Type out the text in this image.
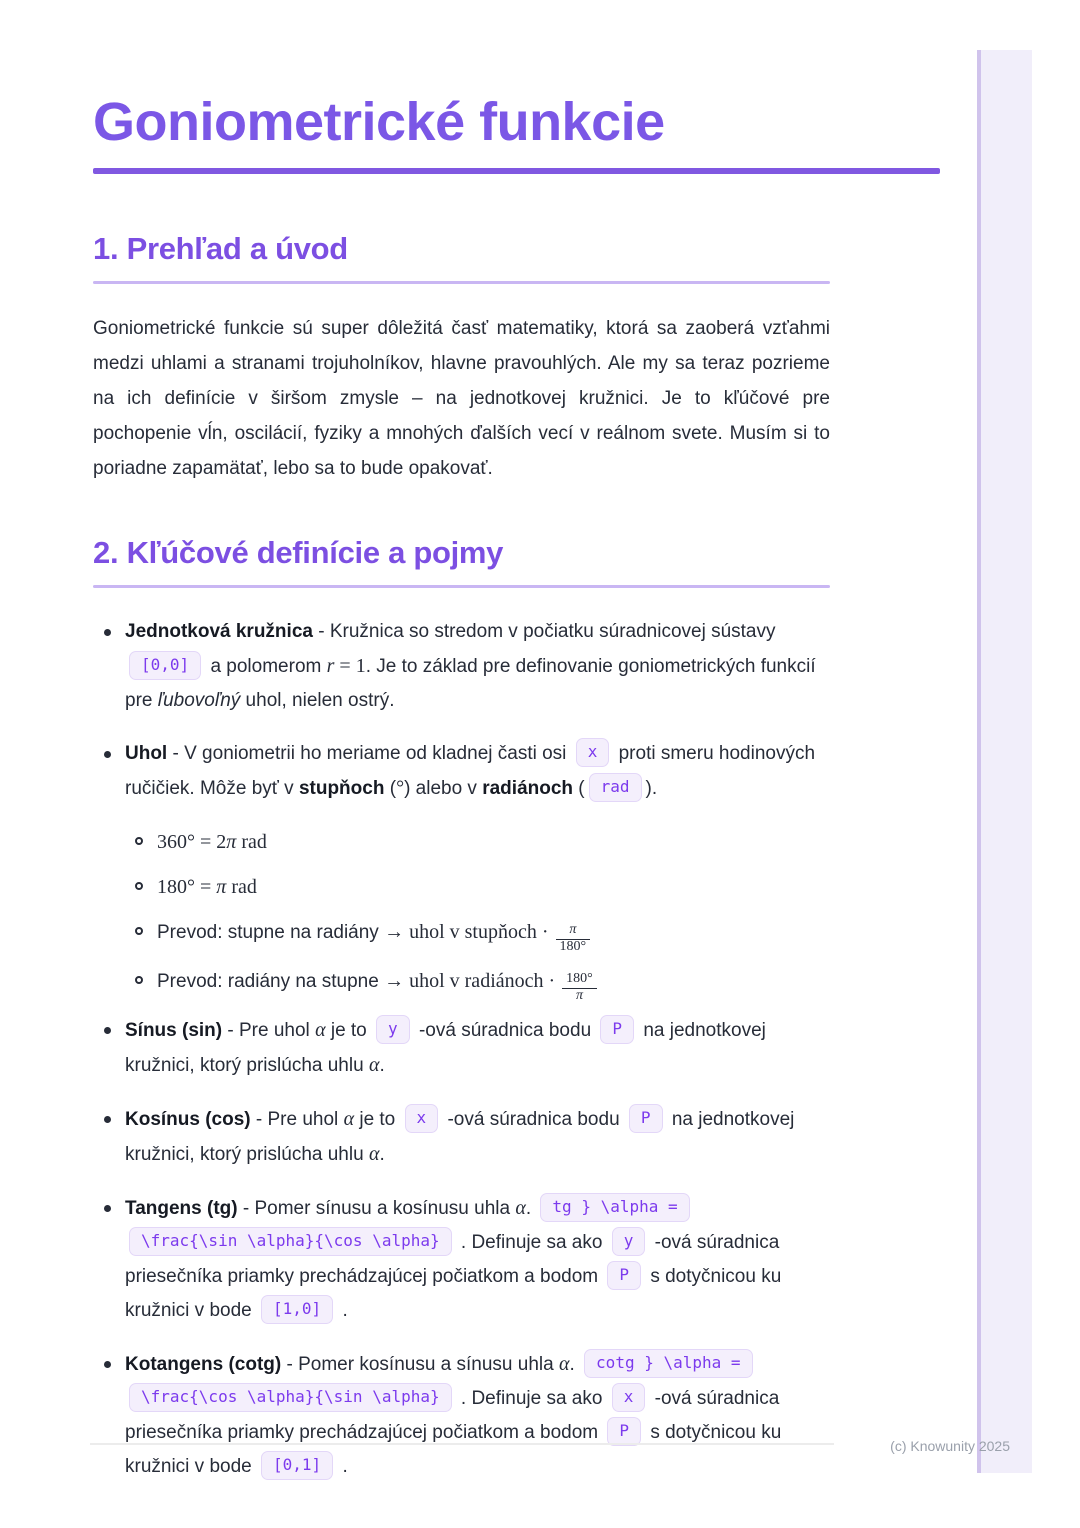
Goniometrické funkcie
1. Prehľad a úvod

Goniometrické funkcie sú super dôležitá časť matematiky, ktorá sa zaoberá vzťahmi medzi uhlami a stranami trojuholníkov, hlavne pravouhlých. Ale my sa teraz pozrieme na ich definície v širšom zmysle – na jednotkovej kružnici. Je to kľúčové pre pochopenie vĺn, oscilácií, fyziky a mnohých ďalších vecí v reálnom svete. Musím si to poriadne zapamätať, lebo sa to bude opakovať.

2. Kľúčové definície a pojmy
Jednotková kružnica - Kružnica so stredom v počiatku súradnicovej sústavy [0,0] a polomerom r = 1. Je to základ pre definovanie goniometrických funkcií pre ľubovoľný uhol, nielen ostrý.
Uhol - V goniometrii ho meriame od kladnej časti osi x proti smeru hodinových ručičiek. Môže byť v stupňoch (°) alebo v radiánoch ( rad ).
360° = 2π rad
180° = π rad
Prevod: stupne na radiány → uhol v stupňoch · $\frac{\pi}{180^\circ}$
Prevod: radiány na stupne → uhol v radiánoch · $\frac{180^\circ}{\pi}$
Sínus (sin) - Pre uhol α je to y -ová súradnica bodu P na jednotkovej kružnici, ktorý prislúcha uhlu α.
Kosínus (cos) - Pre uhol α je to x -ová súradnica bodu P na jednotkovej kružnici, ktorý prislúcha uhlu α.
Tangens (tg) - Pomer sínusu a kosínusu uhla α. tg } \alpha = \frac{\sin \alpha}{\cos \alpha} . Definuje sa ako y -ová súradnica priesečníka priamky prechádzajúcej počiatkom a bodom P s dotyčnicou ku kružnici v bode [1,0] .
Kotangens (cotg) - Pomer kosínusu a sínusu uhla α. cotg } \alpha = \frac{\cos \alpha}{\sin \alpha} . Definuje sa ako x -ová súradnica priesečníka priamky prechádzajúcej počiatkom a bodom P s dotyčnicou ku kružnici v bode [0,1] .
(c) Knowunity 2025
